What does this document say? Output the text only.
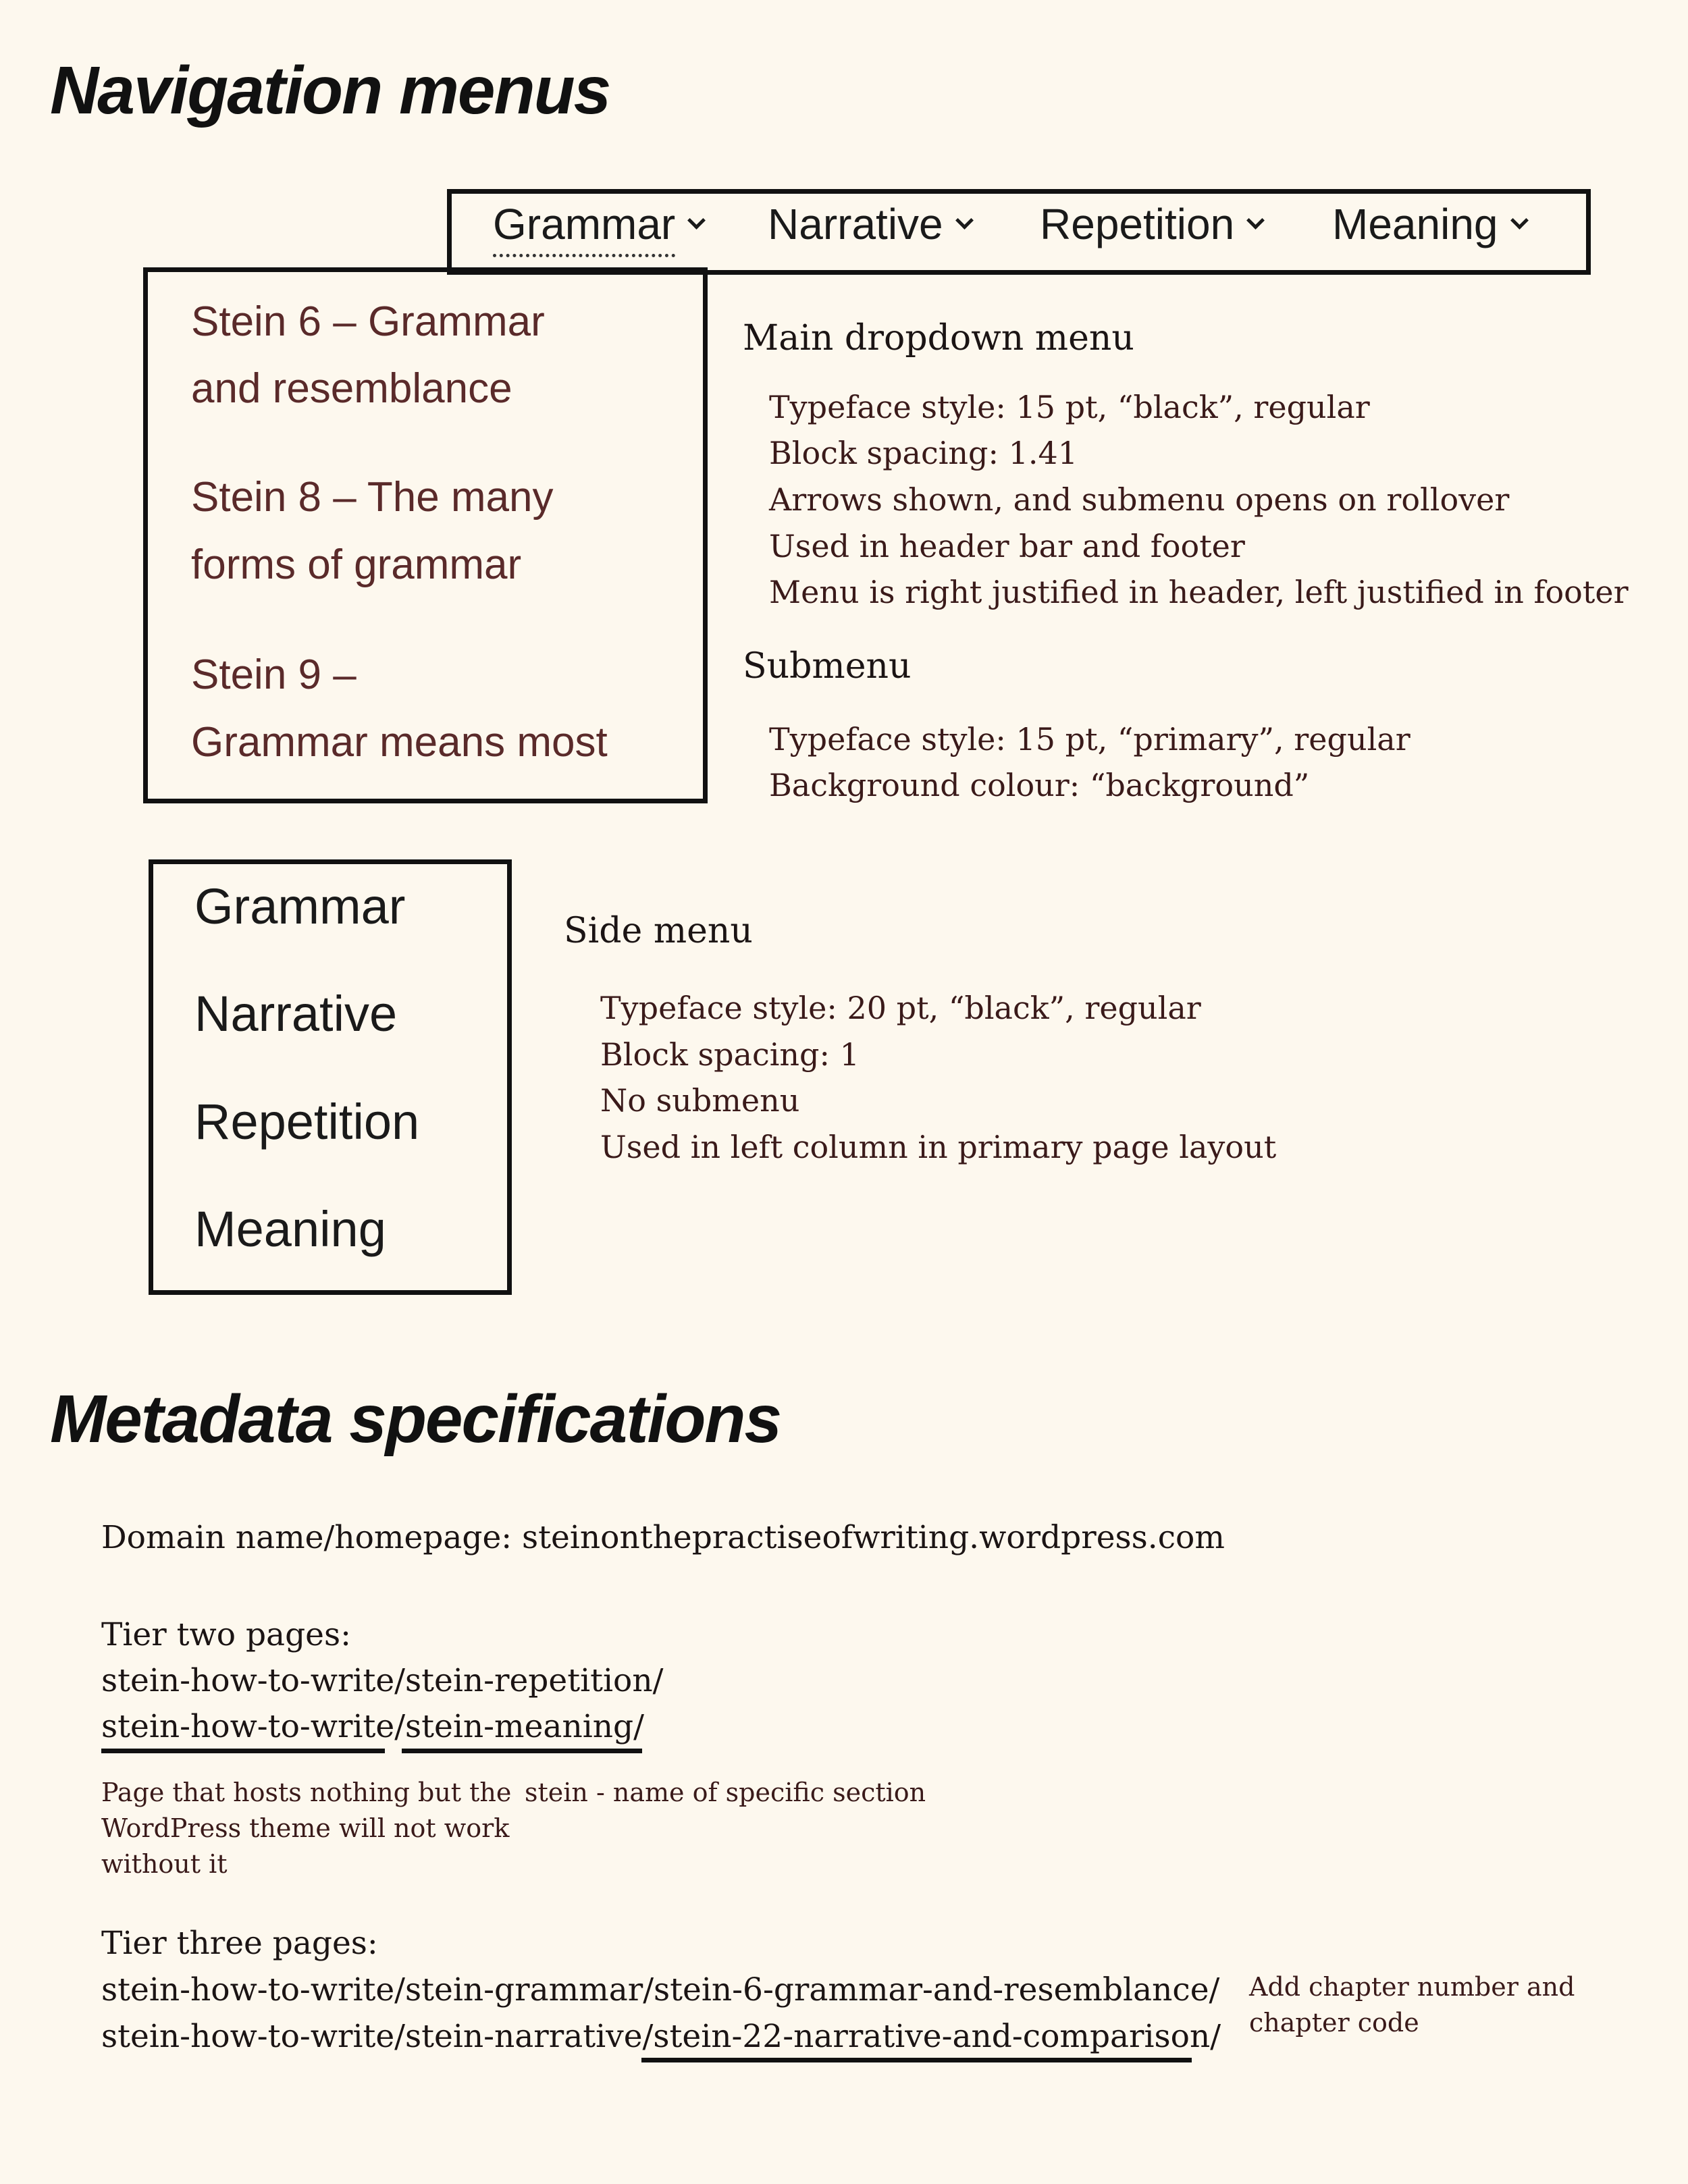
Navigation menus
Grammar	Narrative	Repetition	Meaning
Stein 6 – Grammar
and resemblance
Stein 8 – The many
forms of grammar
Stein 9 –
Grammar means most
Main dropdown menu
Typeface style: 15 pt, “black”, regular
Block spacing: 1.41
Arrows shown, and submenu opens on rollover
Used in header bar and footer
Menu is right justified in header, left justified in footer
Submenu
Typeface style: 15 pt, “primary”, regular
Background colour: “background”
Grammar
Narrative
Repetition
Meaning
Side menu
Typeface style: 20 pt, “black”, regular
Block spacing: 1
No submenu
Used in left column in primary page layout
Metadata specifications
Domain name/homepage: steinonthepractiseofwriting.wordpress.com
Tier two pages:
stein-how-to-write/stein-repetition/
stein-how-to-write/stein-meaning/
Page that hosts nothing but the
WordPress theme will not work
without it
stein - name of specific section
Tier three pages:
stein-how-to-write/stein-grammar/stein-6-grammar-and-resemblance/
stein-how-to-write/stein-narrative/stein-22-narrative-and-comparison/
Add chapter number and
chapter code
